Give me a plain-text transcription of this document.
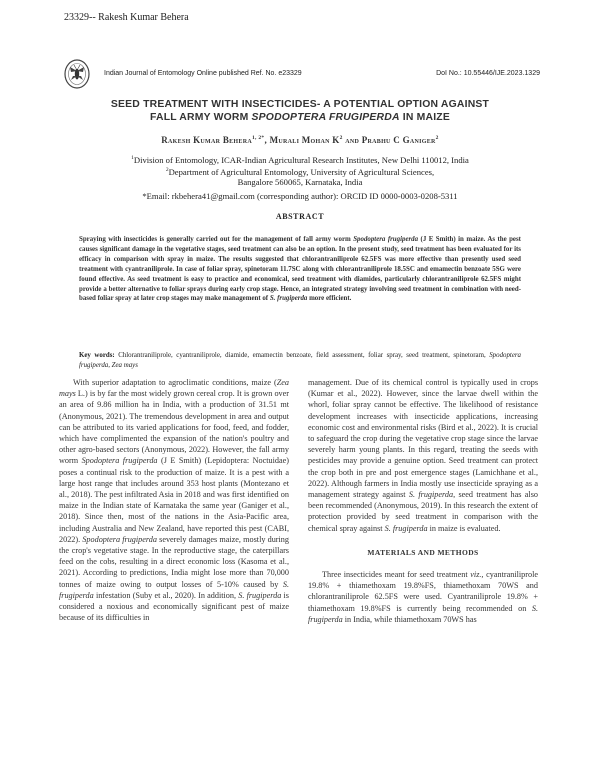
23329-- Rakesh Kumar Behera
Indian Journal of Entomology Online published Ref. No. e23329	DoI No.: 10.55446/IJE.2023.1329
SEED TREATMENT WITH INSECTICIDES- A POTENTIAL OPTION AGAINST
FALL ARMY WORM SPODOPTERA FRUGIPERDA IN MAIZE
Rakesh Kumar Behera$^{1, 2*}$, Murali Mohan $K^2$ and Prabhu C Ganiger$^2$
$^1$Division of Entomology, ICAR-Indian Agricultural Research Institutes, New Delhi 110012, India
$^2$Department of Agricultural Entomology, University of Agricultural Sciences,
Bangalore 560065, Karnataka, India
*Email: rkbehera41@gmail.com (corresponding author): ORCID ID 0000-0003-0208-5311
ABSTRACT
Spraying with insecticides is generally carried out for the management of fall army worm Spodoptera frugiperda (J E Smith) in maize. As the pest causes significant damage in the vegetative stages, seed treatment can also be an option. In the present study, seed treatment has been evaluated for its efficacy in comparison with spray in maize. The results suggested that chlorantraniliprole 62.5FS was more effective than presently used seed treatment with cyantraniliprole. In case of foliar spray, spinetoram 11.7SC along with chlorantraniliprole 18.5SC and emamectin benzoate 5SG were found effective. As seed treatment is easy to practice and economical, seed treatment with diamides, particularly chlorantraniliprole 62.5FS might provide a better alternative to foliar sprays during early crop stage. Hence, an integrated strategy involving seed treatment in combination with need-based foliar spray at later crop stages may make management of S. frugiperda more efficient.
Key words: Chlorantraniliprole, cyantraniliprole, diamide, emamectin benzoate, field assessment, foliar spray, seed treatment, spinetoram, Spodoptera frugiperda, Zea mays

With superior adaptation to agroclimatic conditions, maize (Zea mays L.) is by far the most widely grown cereal crop. It is grown over an area of 9.86 million ha in India, with a production of 31.51 mt (Anonymous, 2021). The tremendous development in area and output can be attributed to its varied applications for food, feed, and fodder, which have complimented the expansion of the nation's poultry and other agro-based sectors (Anonymous, 2022). However, the fall army worm Spodoptera frugiperda (J E Smith) (Lepidoptera: Noctuidae) poses a continual risk to the production of maize. It is a pest with a large host range that includes around 353 host plants (Montezano et al., 2018). The pest infiltrated Asia in 2018 and was first identified on maize in the Indian state of Karnataka the same year (Ganiger et al., 2018). Since then, most of the nations in the Asia-Pacific area, including Australia and New Zealand, have reported this pest (CABI, 2022). Spodoptera frugiperda severely damages maize, mostly during the crop's vegetative stage. In the reproductive stage, the caterpillars feed on the cobs, resulting in a direct economic loss (Kasoma et al., 2021). According to predictions, India might lose more than 70,000 tonnes of maize owing to output losses of 5-10% caused by S. frugiperda infestation (Suby et al., 2020). In addition, S. frugiperda is considered a noxious and economically significant pest of maize because of its difficulties in

management. Due of its chemical control is typically used in crops (Kumar et al., 2022). However, since the larvae dwell within the whorl, foliar spray cannot be effective. The likelihood of resistance development increases with insecticide applications, increasing economic cost and environmental risks (Bird et al., 2022). It is crucial to safeguard the crop during the vegetative crop stage since the larvae severely harm young plants. In this regard, treating the seeds with pesticides may provide a genuine option. Seed treatment can protect the crop both in pre and post emergence stages (Lamichhane et al., 2022). Although farmers in India mostly use insecticide spraying as a management strategy against S. frugiperda, seed treatment has also been recommended (Anonymous, 2019). In this research the extent of protection provided by seed treatment in comparison with the chemical spray against S. frugiperda in maize is evaluated.

MATERIALS AND METHODS

Three insecticides meant for seed treatment viz., cyantraniliprole 19.8% + thiamethoxam 19.8%FS, thiamethoxam 70WS and chlorantraniliprole 62.5FS were used. Cyantraniliprole 19.8% + thiamethoxam 19.8%FS is currently being recommended on S. frugiperda in India, while thiamethoxam 70WS has
